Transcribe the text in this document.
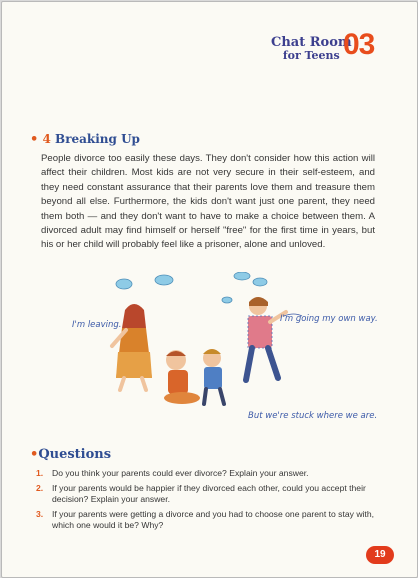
Chat Room
for Teens 03
• 4 Breaking Up

People divorce too easily these days. They don't consider how this action will affect their children. Most kids are not very secure in their self-esteem, and they need constant assurance that their parents love them and treasure them beyond all else. Furthermore, the kids don't want just one parent, they need them both — and they don't want to have to make a choice between them. A divorced adult may find himself or herself "free" for the first time in years, but his or her child will probably feel like a prisoner, alone and unloved.

I'm leaving.
I'm going my own way.
But we're stuck where we are.
•Questions
1. Do you think your parents could ever divorce? Explain your answer.
2. If your parents would be happier if they divorced each other, could you accept their decision? Explain your answer.
3. If your parents were getting a divorce and you had to choose one parent to stay with, which one would it be? Why?
19
